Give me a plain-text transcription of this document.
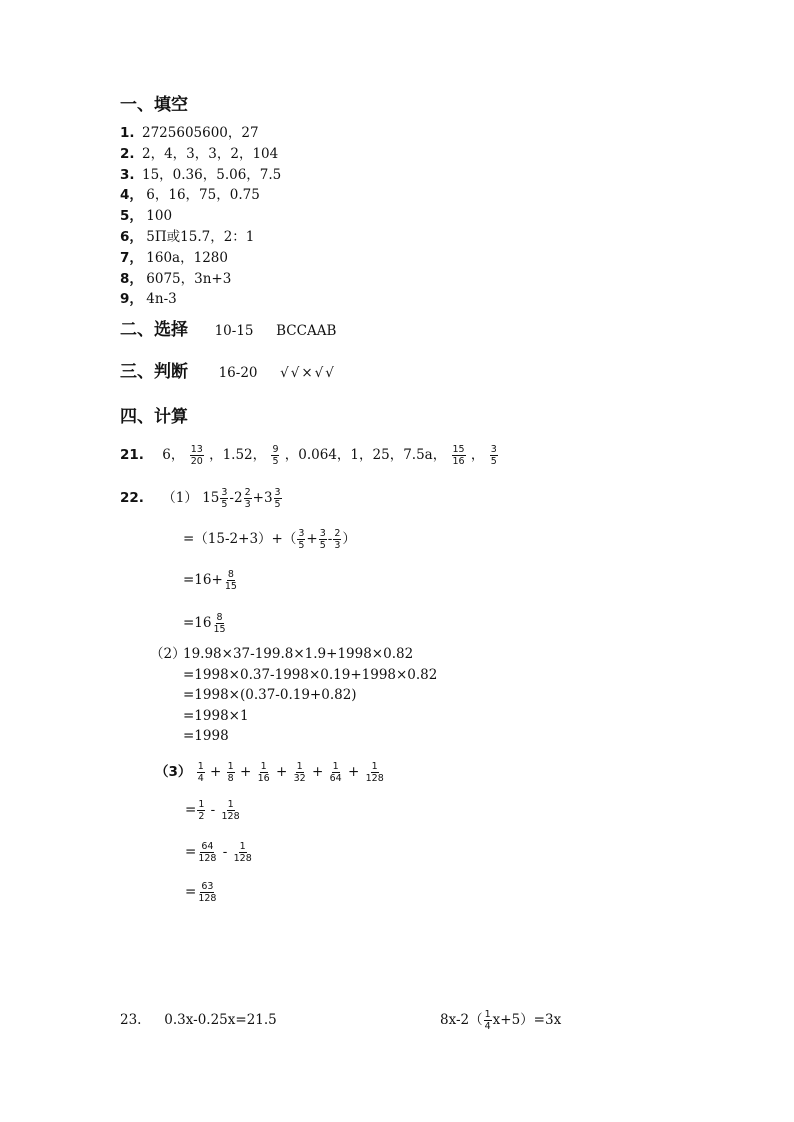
一、填空
1. 2725605600，27
2. 2，4，3，3，2，104
3. 15，0.36，5.06，7.5
4， 6，16，75，0.75
5， 100
6， 5П或15.7，2：1
7， 160a，1280
8， 6075，3n+3
9， 4n-3
二、选择 10-15 BCCAAB
三、判断 16-20 √√×√√
四、计算
21. 6， $\frac{13}{20}$ ，1.52， $\frac{9}{5}$ ，0.064，1，25，7.5a， $\frac{15}{16}$ ， $\frac{3}{5}$
22. （1） $15 \frac{3}{5} -2 \frac{2}{3} +3 \frac{3}{5}$
$=(15-2+3)+( \frac{3}{5} + \frac{3}{5} - \frac{2}{3}$ ）
$=16+ \frac{8}{15}$
$=16 \frac{8}{15}$
（2）
19.98×37-199.8×1.9+1998×0.82
=1998×0.37-1998×0.19+1998×0.82
=1998×(0.37-0.19+0.82)
=1998×1
=1998
$(3) \frac{1}{4} + \frac{1}{8} + \frac{1}{16} + \frac{1}{32} + \frac{1}{64} + \frac{1}{128}$
= $\frac{1}{2} - \frac{1}{128}$
= $\frac{64}{128} - \frac{1}{128}$
= $\frac{63}{128}$
23. 0.3x-0.25x=21.5	$8x-2( \frac{1}{4} x+5)=3x$
